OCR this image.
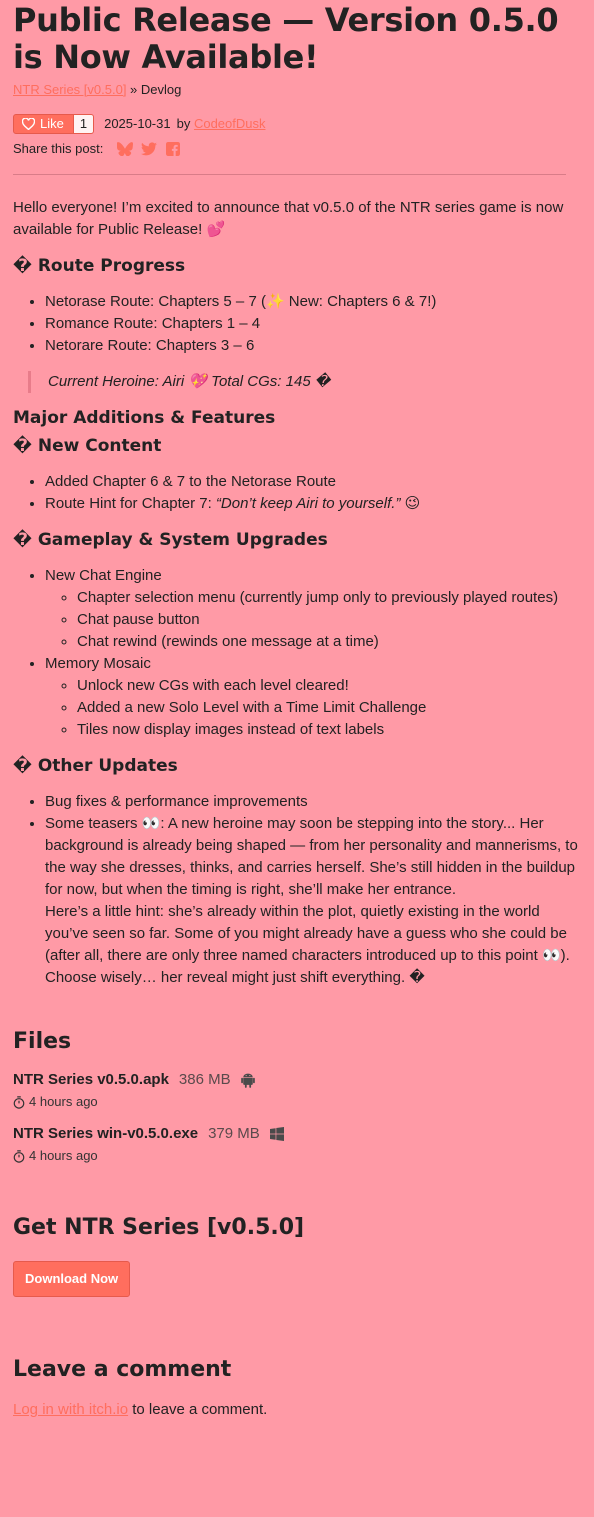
Public Release — Version 0.5.0 is Now Available!
NTR Series [v0.5.0] » Devlog
Like	1	2025-10-31 by CodeofDusk
Share this post:

Hello everyone! I’m excited to announce that v0.5.0 of the NTR series game is now available for Public Release! 💕

� Route Progress
• Netorase Route: Chapters 5 – 7 (✨ New: Chapters 6 & 7!)
• Romance Route: Chapters 1 – 4
• Netorare Route: Chapters 3 – 6
Current Heroine: Airi 💖 Total CGs: 145 �
Major Additions & Features
� New Content
• Added Chapter 6 & 7 to the Netorase Route
• Route Hint for Chapter 7: “Don’t keep Airi to yourself.” 😉
� Gameplay & System Upgrades
• New Chat Engine
◦ Chapter selection menu (currently jump only to previously played routes)
◦ Chat pause button
◦ Chat rewind (rewinds one message at a time)
• Memory Mosaic
◦ Unlock new CGs with each level cleared!
◦ Added a new Solo Level with a Time Limit Challenge
◦ Tiles now display images instead of text labels
� Other Updates
• Bug fixes & performance improvements
• Some teasers 👀: A new heroine may soon be stepping into the story... Her background is already being shaped — from her personality and mannerisms, to the way she dresses, thinks, and carries herself. She’s still hidden in the buildup for now, but when the timing is right, she’ll make her entrance.
Here’s a little hint: she’s already within the plot, quietly existing in the world you’ve seen so far. Some of you might already have a guess who she could be (after all, there are only three named characters introduced up to this point 👀). Choose wisely… her reveal might just shift everything. �
Files
NTR Series v0.5.0.apk 386 MB
4 hours ago
NTR Series win-v0.5.0.exe 379 MB
4 hours ago
Get NTR Series [v0.5.0]
Download Now
Leave a comment
Log in with itch.io to leave a comment.
